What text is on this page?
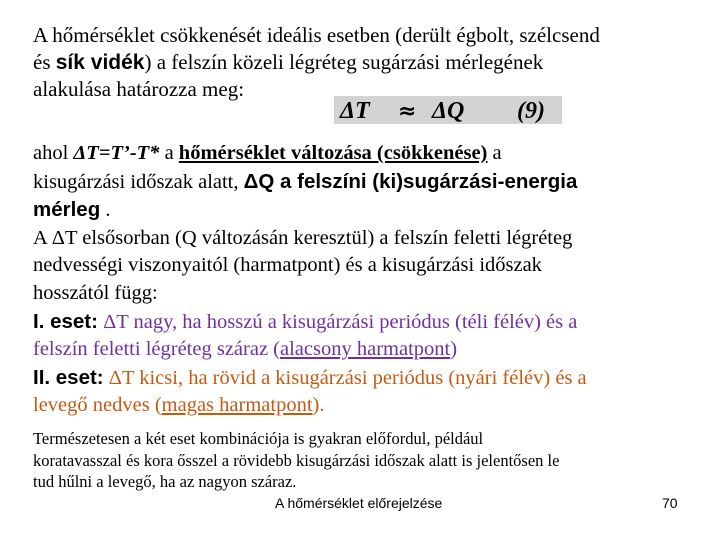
A hőmérséklet csökkenését ideális esetben (derült égbolt, szélcsend
és sík vidék) a felszín közeli légréteg sugárzási mérlegének
alakulása határozza meg:
ΔT ≈ ΔQ (9)
ahol ΔT=T’-T* a hőmérséklet változása (csökkenése) a
kisugárzási időszak alatt, ΔQ a felszíni (ki)sugárzási-energia
mérleg .
A ΔT elsősorban (Q változásán keresztül) a felszín feletti légréteg
nedvességi viszonyaitól (harmatpont) és a kisugárzási időszak
hosszától függ:
I. eset: ΔT nagy, ha hosszú a kisugárzási periódus (téli félév) és a
felszín feletti légréteg száraz (alacsony harmatpont)
II. eset: ΔT kicsi, ha rövid a kisugárzási periódus (nyári félév) és a
levegő nedves (magas harmatpont).
Természetesen a két eset kombinációja is gyakran előfordul, például
koratavasszal és kora ősszel a rövidebb kisugárzási időszak alatt is jelentősen le
tud hűlni a levegő, ha az nagyon száraz.
A hőmérséklet előrejelzése	70
